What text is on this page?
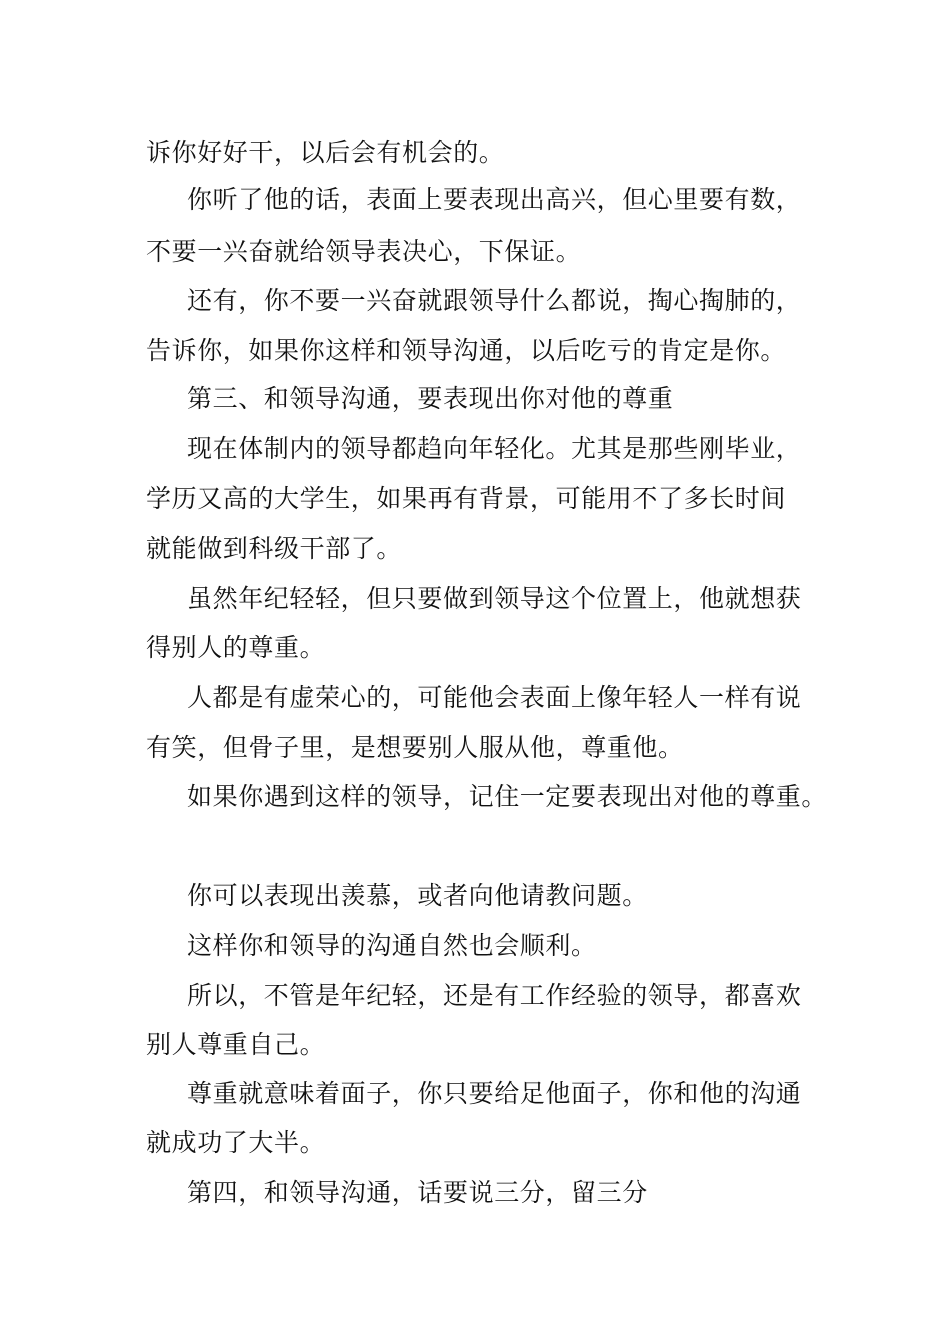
诉你好好干，以后会有机会的。
你听了他的话，表面上要表现出高兴，但心里要有数，
不要一兴奋就给领导表决心，下保证。
还有，你不要一兴奋就跟领导什么都说，掏心掏肺的，
告诉你，如果你这样和领导沟通，以后吃亏的肯定是你。
第三、和领导沟通，要表现出你对他的尊重
现在体制内的领导都趋向年轻化。尤其是那些刚毕业，
学历又高的大学生，如果再有背景，可能用不了多长时间
就能做到科级干部了。
虽然年纪轻轻，但只要做到领导这个位置上，他就想获
得别人的尊重。
人都是有虚荣心的，可能他会表面上像年轻人一样有说
有笑，但骨子里，是想要别人服从他，尊重他。
如果你遇到这样的领导，记住一定要表现出对他的尊重。
你可以表现出羡慕，或者向他请教问题。
这样你和领导的沟通自然也会顺利。
所以，不管是年纪轻，还是有工作经验的领导，都喜欢
别人尊重自己。
尊重就意味着面子，你只要给足他面子，你和他的沟通
就成功了大半。
第四，和领导沟通，话要说三分，留三分
